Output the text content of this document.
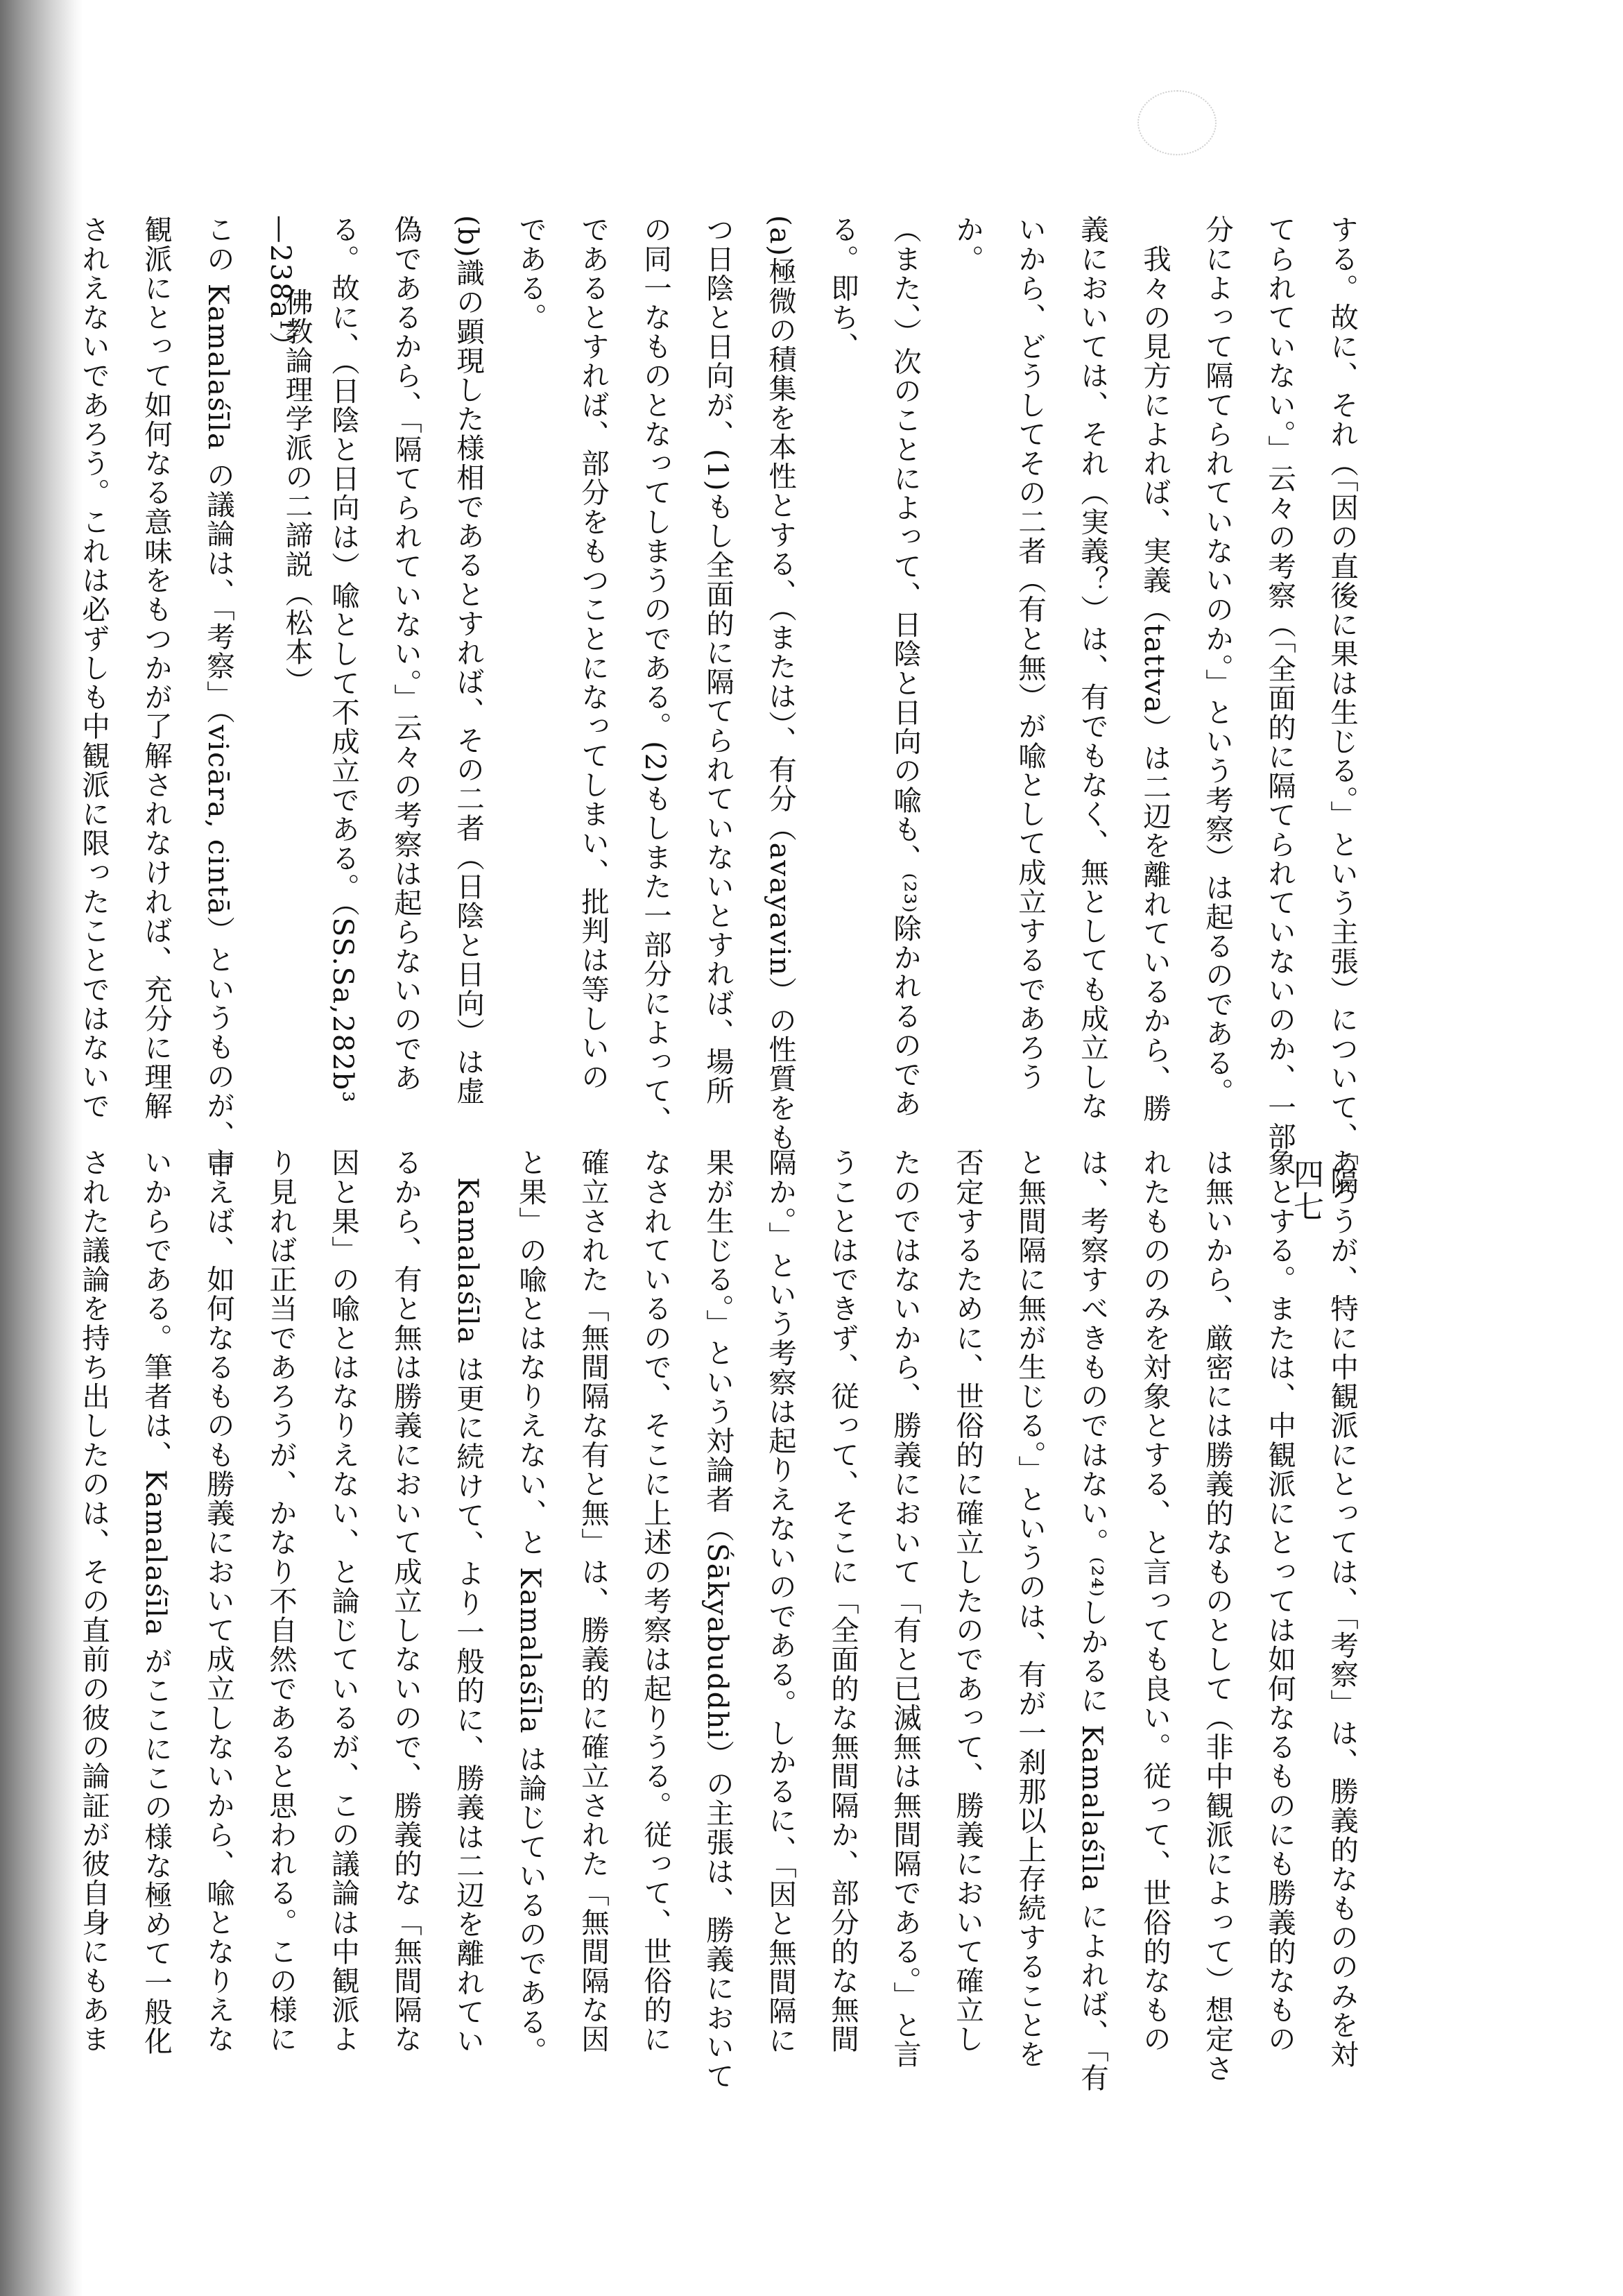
佛教論理学派の二諦説（松本）
四七 する。故に、それ（「因の直後に果は生じる。」という主張）について、「隔
てられていない。」云々の考察（「全面的に隔てられていないのか、一部
分によって隔てられていないのか。」という考察）は起るのである。
　我々の見方によれば、実義（tattva）は二辺を離れているから、勝
義においては、それ（実義？）は、有でもなく、無としても成立しな
いから、どうしてその二者（有と無）が喩として成立するであろう
か。
（また、）次のことによって、日陰と日向の喩も、⁽²³⁾除かれるのであ
る。即ち、
(a)極微の積集を本性とする、（または）、有分（avayavin）の性質をも
つ日陰と日向が、(1)もし全面的に隔てられていないとすれば、場所
の同一なものとなってしまうのである。(2)もしまた一部分によって、
であるとすれば、部分をもつことになってしまい、批判は等しいの
である。
(b)識の顕現した様相であるとすれば、その二者（日陰と日向）は虚
偽であるから、「隔てられていない。」云々の考察は起らないのであ
る。故に、（日陰と日向は）喩として不成立である。（SS.Sa,282b³
—238a¹）
この Kamalaśīla の議論は、「考察」（vicāra, cintā）というものが、中
観派にとって如何なる意味をもつかが了解されなければ、充分に理解
されえないであろう。これは必ずしも中観派に限ったことではないで
あろうが、特に中観派にとっては、「考察」は、勝義的なもののみを対
象とする。または、中観派にとっては如何なるものにも勝義的なもの
は無いから、厳密には勝義的なものとして（非中観派によって）想定さ
れたもののみを対象とする、と言っても良い。従って、世俗的なもの
は、考察すべきものではない。⁽²⁴⁾しかるに Kamalaśīla によれば、「有
と無間隔に無が生じる。」というのは、有が一刹那以上存続することを
否定するために、世俗的に確立したのであって、勝義において確立し
たのではないから、勝義において「有と已滅無は無間隔である。」と言
うことはできず、従って、そこに「全面的な無間隔か、部分的な無間
隔か。」という考察は起りえないのである。しかるに、「因と無間隔に
果が生じる。」という対論者（Śākyabuddhi）の主張は、勝義において
なされているので、そこに上述の考察は起りうる。従って、世俗的に
確立された「無間隔な有と無」は、勝義的に確立された「無間隔な因
と果」の喩とはなりえない、と Kamalaśīla は論じているのである。
　Kamalaśīla は更に続けて、より一般的に、勝義は二辺を離れてい
るから、有と無は勝義において成立しないので、勝義的な「無間隔な
因と果」の喩とはなりえない、と論じているが、この議論は中観派よ
り見れば正当であろうが、かなり不自然であると思われる。この様に
言えば、如何なるものも勝義において成立しないから、喩となりえな
いからである。筆者は、Kamalaśīla がここにこの様な極めて一般化
された議論を持ち出したのは、その直前の彼の論証が彼自身にもあま
